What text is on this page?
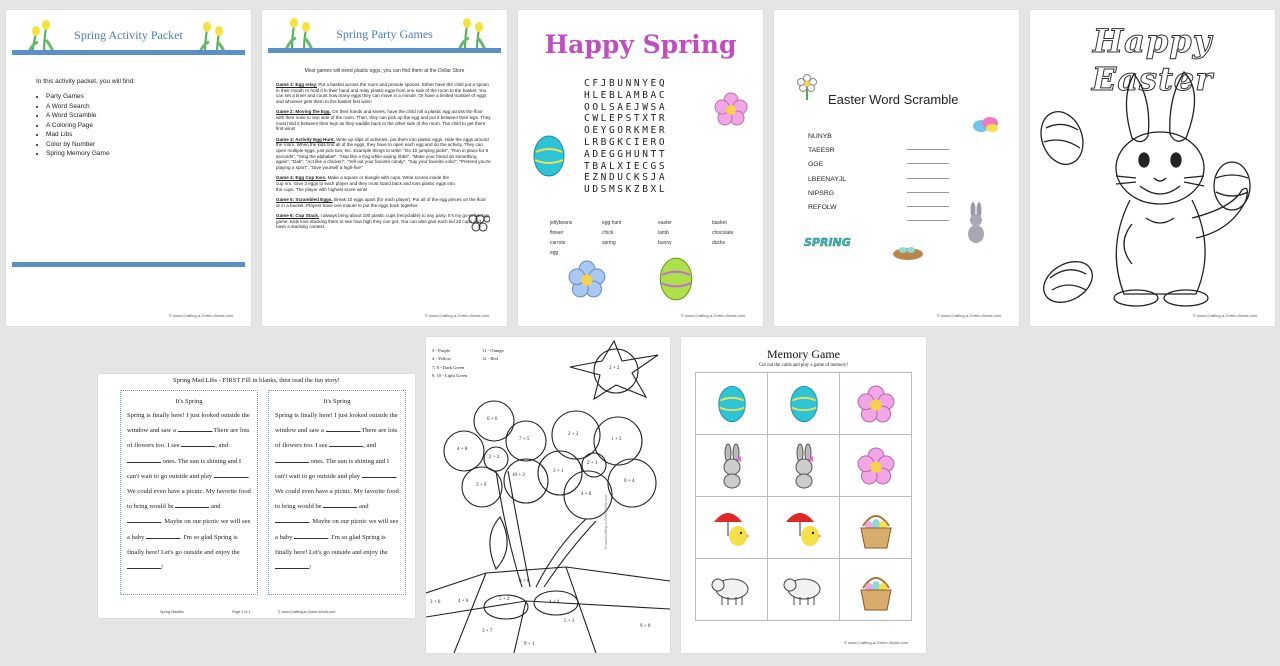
Spring Activity Packet
In this activity packet, you will find:
• Party Games
• A Word Search
• A Word Scramble
• A Coloring Page
• Mad Libs
• Color by Number
• Spring Memory Game
© www.Crafting-a-Green-World.com
Spring Party Games
Most games will need plastic eggs, you can find them at the Dollar Store
Game 1: Egg relay. Put a basket across the room and provide spoons. Either have the child put a spoon in their mouth or hold it in their hand and relay plastic eggs from one side of the room to the basket. You can set a timer and count how many eggs they can move in a minute. Or have a limited number of eggs and whoever gets them to the basket first wins!
Game 2: Moving the Egg. On their hands and knees, have the child roll a plastic egg across the floor with their nose to one side of the room. Then, they can pick up the egg and put it between their legs. They must hold it between their legs as they waddle back to the other side of the room. The child to get there first wins!
Game 3: Activity Egg Hunt. Write up slips of activities, put them into plastic eggs. Hide the eggs around the room. When the kids find all of the eggs, they have to open each egg and do the activity. They can open multiple eggs, just pick two, etc. Example things to write: "Do 10 jumping jacks", "Run in place for 5 seconds", "Sing the alphabet", "Hop like a frog while saying ribbit", "Make your friend do something again", "Dab", "Act like a chicken", "Yell out your favorite candy", "Say your favorite color", "Pretend you're playing a sport", "Give yourself a high-five"
Game 4: Egg Cup toss. Make a square or triangle with cups. Write scores inside the cup rim. Give 3 eggs to each player and they must stand back and toss plastic eggs into the cups. The player with highest score wins!
Game 5: Scrambled Eggs. Break 10 eggs apart (for each player). Put all of the egg pieces on the floor or in a bucket. Players have one minute to put the eggs back together.
Game 6: Cup Stack. I always bring about 100 plastic cups (recyclable) to any party. It's my go-to backup game. Kids love stacking them to see how high they can get. You can also give each kid 20 cups and have a stacking contest.
© www.Crafting-a-Green-World.com
Happy Spring
CFJBUNNYEQ
HLEBLAMBAC
OOLSAEJWSA
CWLEPSTXTR
OEYGORKMER
LRBGKCIERO
ADEGGHUNTT
TBALXIECGS
EZNDUCKSJA
UDSMSKZBXL
jellybeans	egg hunt	easter	basket
flower	chick	lamb	chocolate
carrots	spring	bunny	ducks
egg
© www.Crafting-a-Green-World.com
Easter Word Scramble
NUNYB
TAEESR
GGE
LBEENAYJL
NIPSRG
REFOLW
SPRING
© www.Crafting-a-Green-World.com
Happy Easter
© www.Crafting-a-Green-World.com
Spring Mad Libs - FIRST Fill in blanks, then read the fun story!
It's Spring
Spring is finally here! I just looked outside the window and saw a	.There are lots of flowers too. I see	, and  ones. The sun is shining and I can't wait to go outside and play	. We could even have a picnic. My favorite food to bring would be	and . Maybe on our picnic we will see a baby	. I'm so glad Spring is finally here! Let's go outside and enjoy the !
It's Spring
Spring is finally here! I just looked outside the window and saw a	.There are lots of flowers too. I see	, and  ones. The sun is shining and I can't wait to go outside and play	. We could even have a picnic. My favorite food to bring would be	and . Maybe on our picnic we will see a baby	. I'm so glad Spring is finally here! Let's go outside and enjoy the !
Spring Madlibs	Page 1 of 1	© www.Crafting-a-Green-World.com
3 - Purple
4 - Yellow
7, 8 - Dark Green
9, 10 - Light Green
11 - Orange
12 - Red
2 + 2
6 + 6
7 + 5
4 + 8
2 + 2
10 + 2
3 + 9
2 + 2
1 + 3
3 + 1
2 + 1
4 + 8
0 + 4
8 + 0
5 + 2
4 + 4
3 + 6	4 + 6
5 + 3
3 + 7
9 + 0
9 + 1
© www.Crafting-a-Green-World.com
Memory Game
Cut out the cards and play a game of memory!

© www.Crafting-a-Green-World.com
